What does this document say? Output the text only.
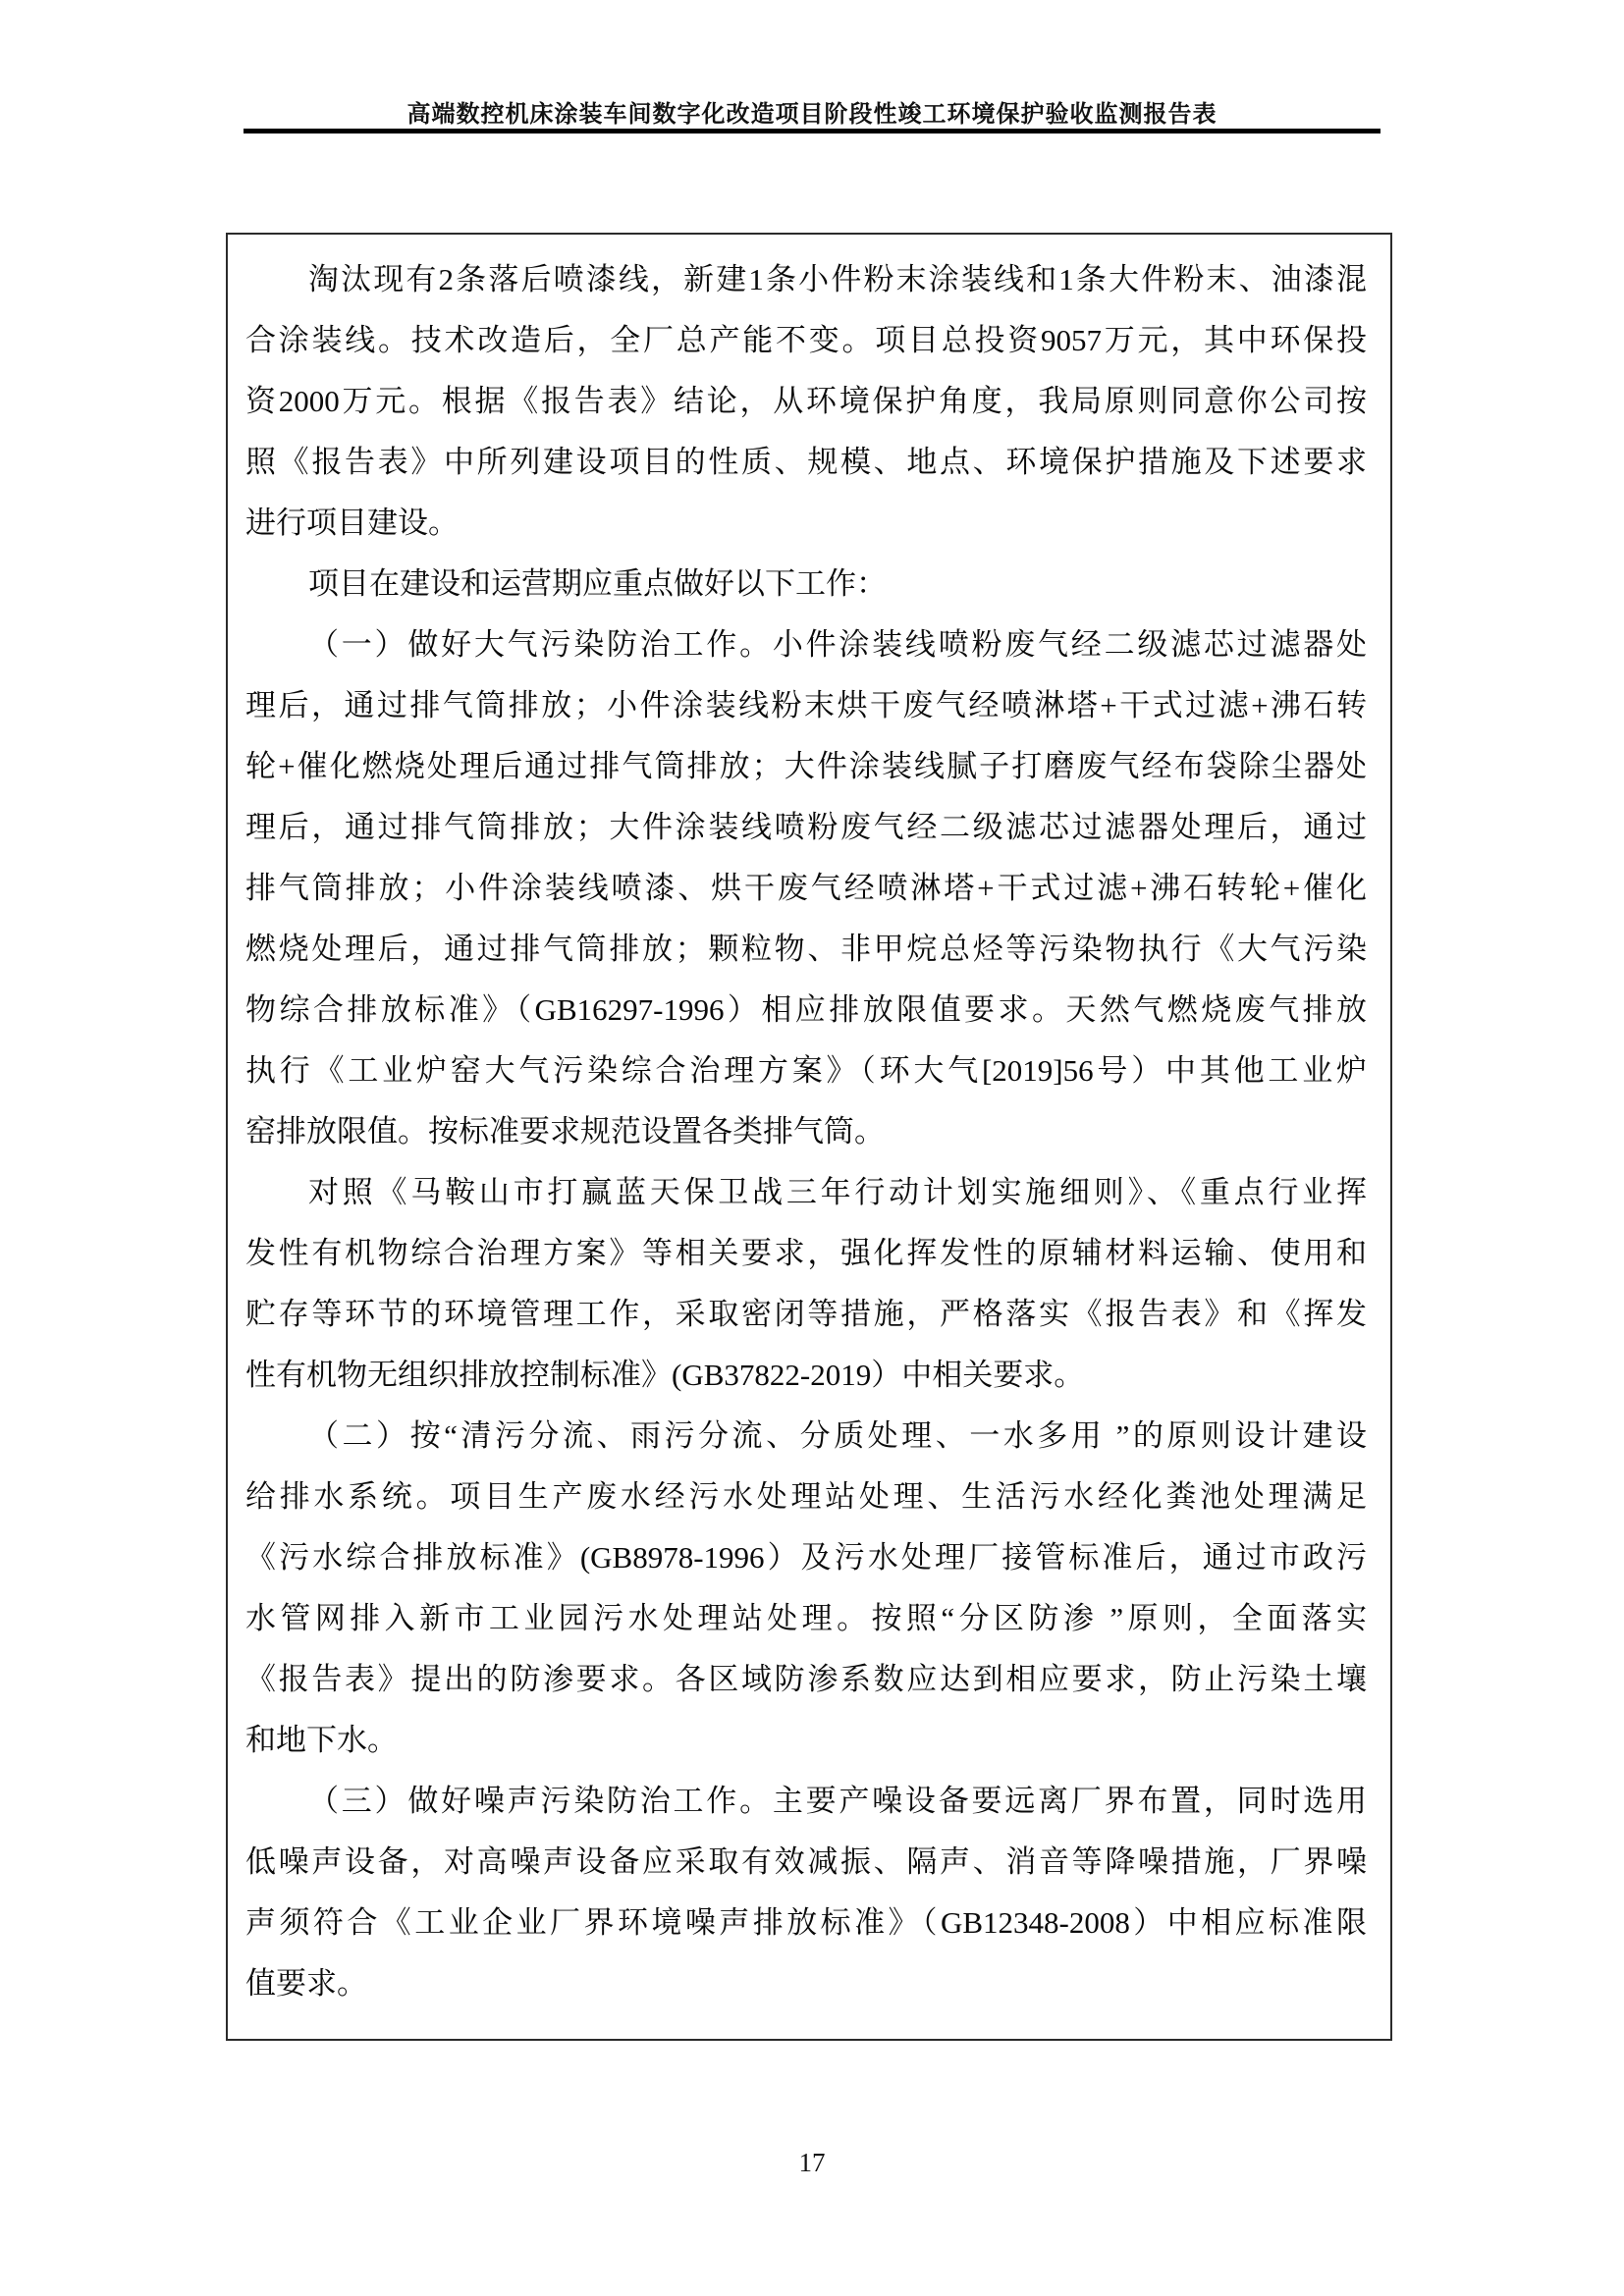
高端数控机床涂装车间数字化改造项目阶段性竣工环境保护验收监测报告表
淘汰现有2条落后喷漆线，新建1条小件粉末涂装线和1条大件粉末、油漆混
合涂装线。技术改造后，全厂总产能不变。项目总投资9057万元，其中环保投
资2000万元。根据《报告表》结论，从环境保护角度，我局原则同意你公司按
照《报告表》中所列建设项目的性质、规模、地点、环境保护措施及下述要求
进行项目建设。
项目在建设和运营期应重点做好以下工作：
（一）做好大气污染防治工作。小件涂装线喷粉废气经二级滤芯过滤器处
理后，通过排气筒排放；小件涂装线粉末烘干废气经喷淋塔+干式过滤+沸石转
轮+催化燃烧处理后通过排气筒排放；大件涂装线腻子打磨废气经布袋除尘器处
理后，通过排气筒排放；大件涂装线喷粉废气经二级滤芯过滤器处理后，通过
排气筒排放；小件涂装线喷漆、烘干废气经喷淋塔+干式过滤+沸石转轮+催化
燃烧处理后，通过排气筒排放；颗粒物、非甲烷总烃等污染物执行《大气污染
物综合排放标准》（GB16297-1996）相应排放限值要求。天然气燃烧废气排放
执行《工业炉窑大气污染综合治理方案》（环大气[2019]56号）中其他工业炉
窑排放限值。按标准要求规范设置各类排气筒。
对照《马鞍山市打赢蓝天保卫战三年行动计划实施细则》、《重点行业挥
发性有机物综合治理方案》等相关要求，强化挥发性的原辅材料运输、使用和
贮存等环节的环境管理工作，采取密闭等措施，严格落实《报告表》和《挥发
性有机物无组织排放控制标准》(GB37822-2019）中相关要求。
（二）按“清污分流、雨污分流、分质处理、一水多用 ”的原则设计建设
给排水系统。项目生产废水经污水处理站处理、生活污水经化粪池处理满足
《污水综合排放标准》(GB8978-1996）及污水处理厂接管标准后，通过市政污
水管网排入新市工业园污水处理站处理。按照“分区防渗 ”原则，全面落实
《报告表》提出的防渗要求。各区域防渗系数应达到相应要求，防止污染土壤
和地下水。
（三）做好噪声污染防治工作。主要产噪设备要远离厂界布置，同时选用
低噪声设备，对高噪声设备应采取有效减振、隔声、消音等降噪措施，厂界噪
声须符合《工业企业厂界环境噪声排放标准》（GB12348-2008）中相应标准限
值要求。
17
